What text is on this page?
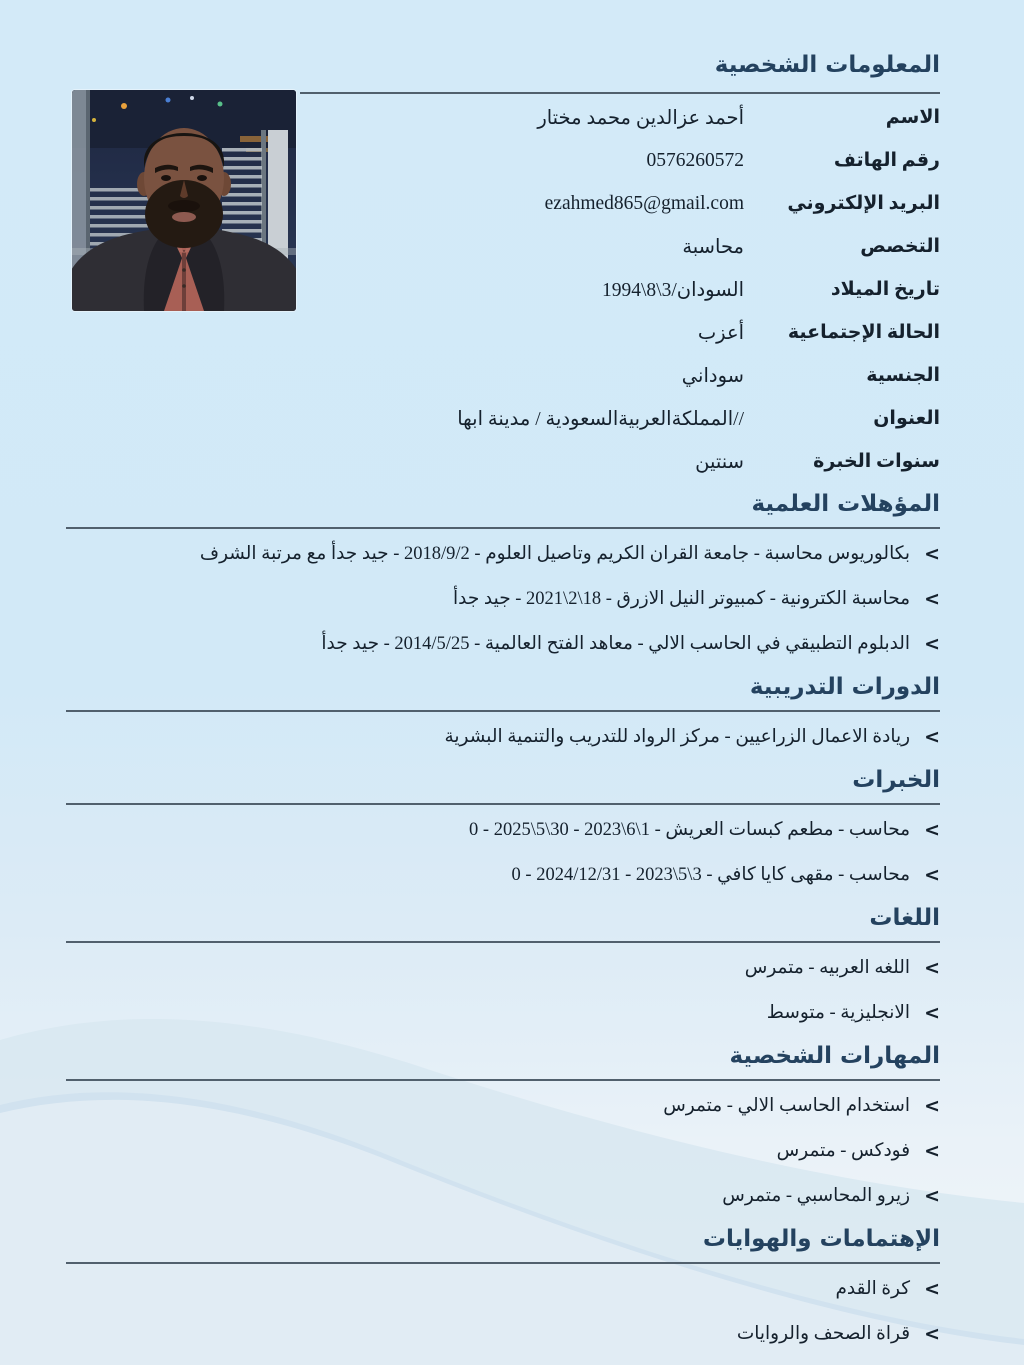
المعلومات الشخصية
الاسم
أحمد عزالدين محمد مختار
رقم الهاتف
0576260572
البريد الإلكتروني
ezahmed865@gmail.com
التخصص
محاسبة
تاريخ الميلاد
السودان/3\8\1994
الحالة الإجتماعية
أعزب
الجنسية
سوداني
العنوان
//المملكةالعربيةالسعودية / مدينة ابها
سنوات الخبرة
سنتين
المؤهلات العلمية
<
بكالوريوس محاسبة - جامعة القران الكريم وتاصيل العلوم - 2018/9/2 - جيد جدأ مع مرتبة الشرف
<
محاسبة الكترونية - كمبيوتر النيل الازرق - 18\2\2021 - جيد جدأ
<
الدبلوم التطبيقي في الحاسب الالي - معاهد الفتح العالمية - 2014/5/25 - جيد جدأ
الدورات التدريبية
<
ريادة الاعمال الزراعيين - مركز الرواد للتدريب والتنمية البشرية
الخبرات
<
محاسب - مطعم كبسات العريش - 1\6\2023 - 30\5\2025 - 0
<
محاسب - مقهى كايا كافي - 3\5\2023 - 2024/12/31 - 0
اللغات
<
اللغه العربيه - متمرس
<
الانجليزية - متوسط
المهارات الشخصية
<
استخدام الحاسب الالي - متمرس
<
فودكس - متمرس
<
زيرو المحاسبي - متمرس
الإهتمامات والهوايات
<
كرة القدم
<
قراة الصحف والروايات
